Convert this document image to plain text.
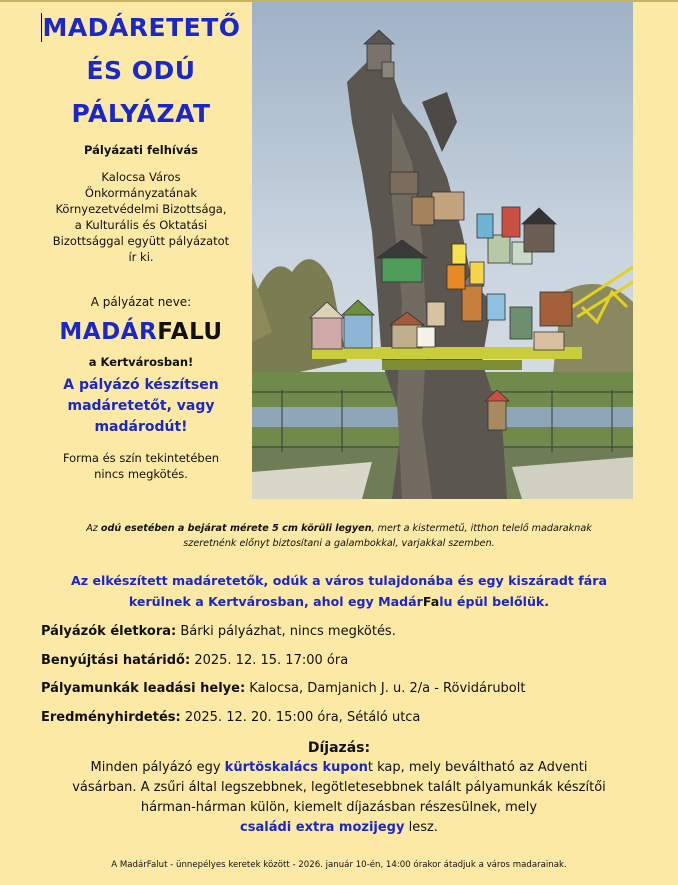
MADÁRETETŐ
ÉS ODÚ
PÁLYÁZAT
Pályázati felhívás
Kalocsa Város
Önkormányzatának
Környezetvédelmi Bizottsága,
a Kulturális és Oktatási
Bizottsággal együtt pályázatot
ír ki.
A pályázat neve:
MADÁRFALU
a Kertvárosban!
A pályázó készítsen
madáretetőt, vagy
madárodút!
Forma és szín tekintetében
nincs megkötés.
Az odú esetében a bejárat mérete 5 cm körüli legyen, mert a kistermetű, itthon telelő madaraknak
szeretnénk előnyt biztosítani a galambokkal, varjakkal szemben.
Az elkészített madáretetők, odúk a város tulajdonába és egy kiszáradt fára
kerülnek a Kertvárosban, ahol egy MadárFalu épül belőlük.
Pályázók életkora: Bárki pályázhat, nincs megkötés.
Benyújtási határidő: 2025. 12. 15. 17:00 óra
Pályamunkák leadási helye: Kalocsa, Damjanich J. u. 2/a - Rövidárubolt
Eredményhirdetés: 2025. 12. 20. 15:00 óra, Sétáló utca
Díjazás:
Minden pályázó egy kürtöskalács kupont kap, mely beváltható az Adventi
vásárban. A zsűri által legszebbnek, legötletesebbnek talált pályamunkák készítői
hárman-hárman külön, kiemelt díjazásban részesülnek, mely
családi extra mozijegy lesz.
A MadárFalut - ünnepélyes keretek között - 2026. január 10-én, 14:00 órakor átadjuk a város madarainak.
